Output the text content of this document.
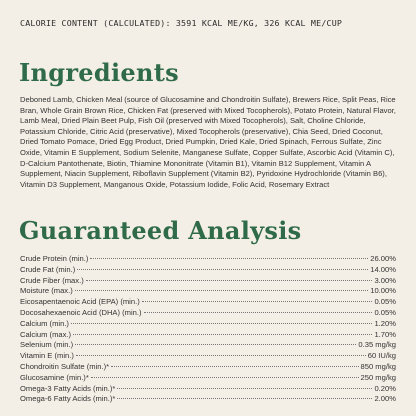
CALORIE CONTENT (CALCULATED): 3591 KCAL ME/KG, 326 KCAL ME/CUP
Ingredients

Deboned Lamb, Chicken Meal (source of Glucosamine and Chondroitin Sulfate), Brewers Rice, Split Peas, Rice Bran, Whole Grain Brown Rice, Chicken Fat (preserved with Mixed Tocopherols), Potato Protein, Natural Flavor, Lamb Meal, Dried Plain Beet Pulp, Fish Oil (preserved with Mixed Tocopherols), Salt, Choline Chloride, Potassium Chloride, Citric Acid (preservative), Mixed Tocopherols (preservative), Chia Seed, Dried Coconut, Dried Tomato Pomace, Dried Egg Product, Dried Pumpkin, Dried Kale, Dried Spinach, Ferrous Sulfate, Zinc Oxide, Vitamin E Supplement, Sodium Selenite, Manganese Sulfate, Copper Sulfate, Ascorbic Acid (Vitamin C), D-Calcium Pantothenate, Biotin, Thiamine Mononitrate (Vitamin B1), Vitamin B12 Supplement, Vitamin A Supplement, Niacin Supplement, Riboflavin Supplement (Vitamin B2), Pyridoxine Hydrochloride (Vitamin B6), Vitamin D3 Supplement, Manganous Oxide, Potassium Iodide, Folic Acid, Rosemary Extract

Guaranteed Analysis
Crude Protein (min.)	26.00%
Crude Fat (min.)	14.00%
Crude Fiber (max.)	3.00%
Moisture (max.)	10.00%
Eicosapentaenoic Acid (EPA) (min.)	0.05%
Docosahexaenoic Acid (DHA) (min.)	0.05%
Calcium (min.)	1.20%
Calcium (max.)	1.70%
Selenium (min.)	0.35 mg/kg
Vitamin E (min.)	60 IU/kg
Chondroitin Sulfate (min.)*	850 mg/kg
Glucosamine (min.)*	250 mg/kg
Omega-3 Fatty Acids (min.)*	0.20%
Omega-6 Fatty Acids (min.)*	2.00%
